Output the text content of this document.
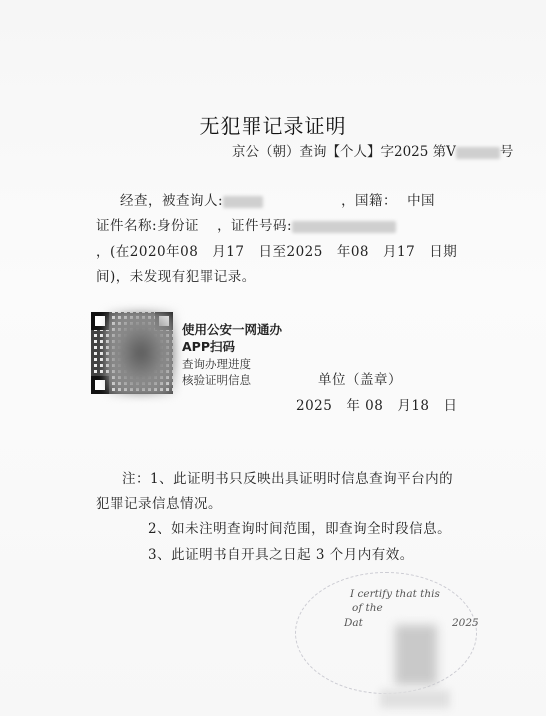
无犯罪记录证明
京公（朝）查询【个人】字2025 第V	号
经查，被查询人:	，国籍： 中国
证件名称:身份证 ，证件号码:
，(在2020年08　月17　日至2025　年08　月17　日期
间)，未发现有犯罪记录。
使用公安一网通办
APP扫码
查询办理进度
核验证明信息	单位（盖章）
2025　年 08　月18　日
注：1、此证明书只反映出具证明时信息查询平台内的
犯罪记录信息情况。
2、如未注明查询时间范围，即查询全时段信息。
3、此证明书自开具之日起 3 个月内有效。
I certify that this
of the
Dat	2025
